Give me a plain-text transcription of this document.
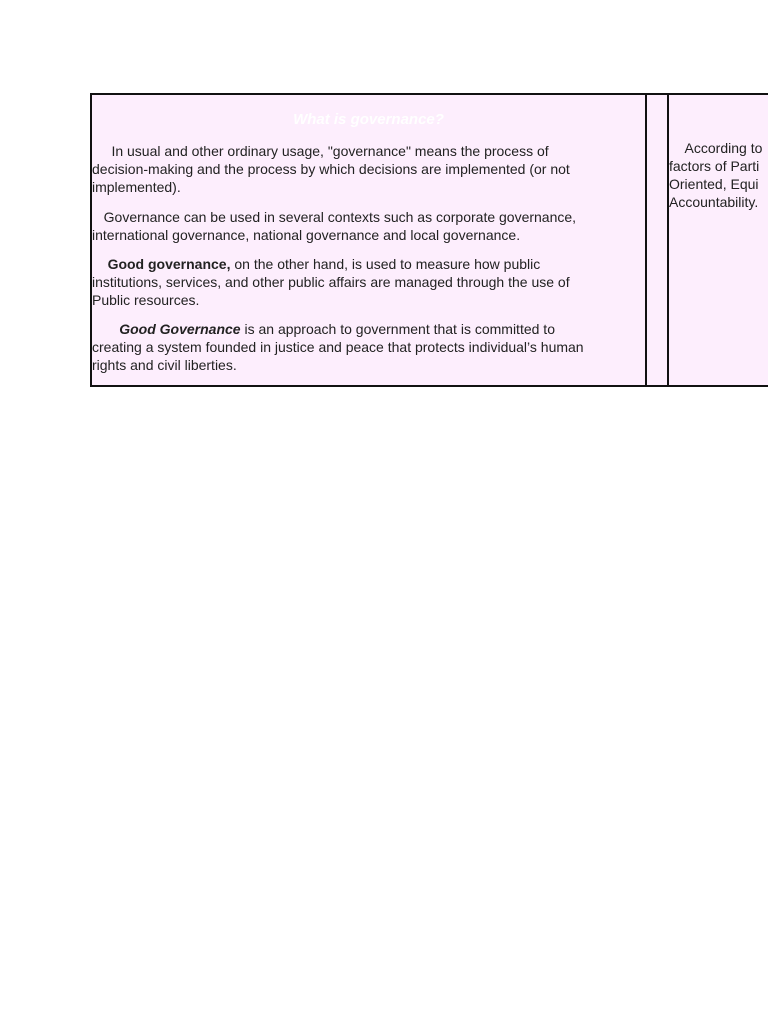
What is governance?

In usual and other ordinary usage, "governance" means the process of
decision-making and the process by which decisions are implemented (or not
implemented).

Governance can be used in several contexts such as corporate governance,
international governance, national governance and local governance.

Good governance, on the other hand, is used to measure how public
institutions, services, and other public affairs are managed through the use of
Public resources.

Good Governance is an approach to government that is committed to
creating a system founded in justice and peace that protects individual’s human
rights and civil liberties.

According to
factors of Parti
Oriented, Equi
Accountability.
